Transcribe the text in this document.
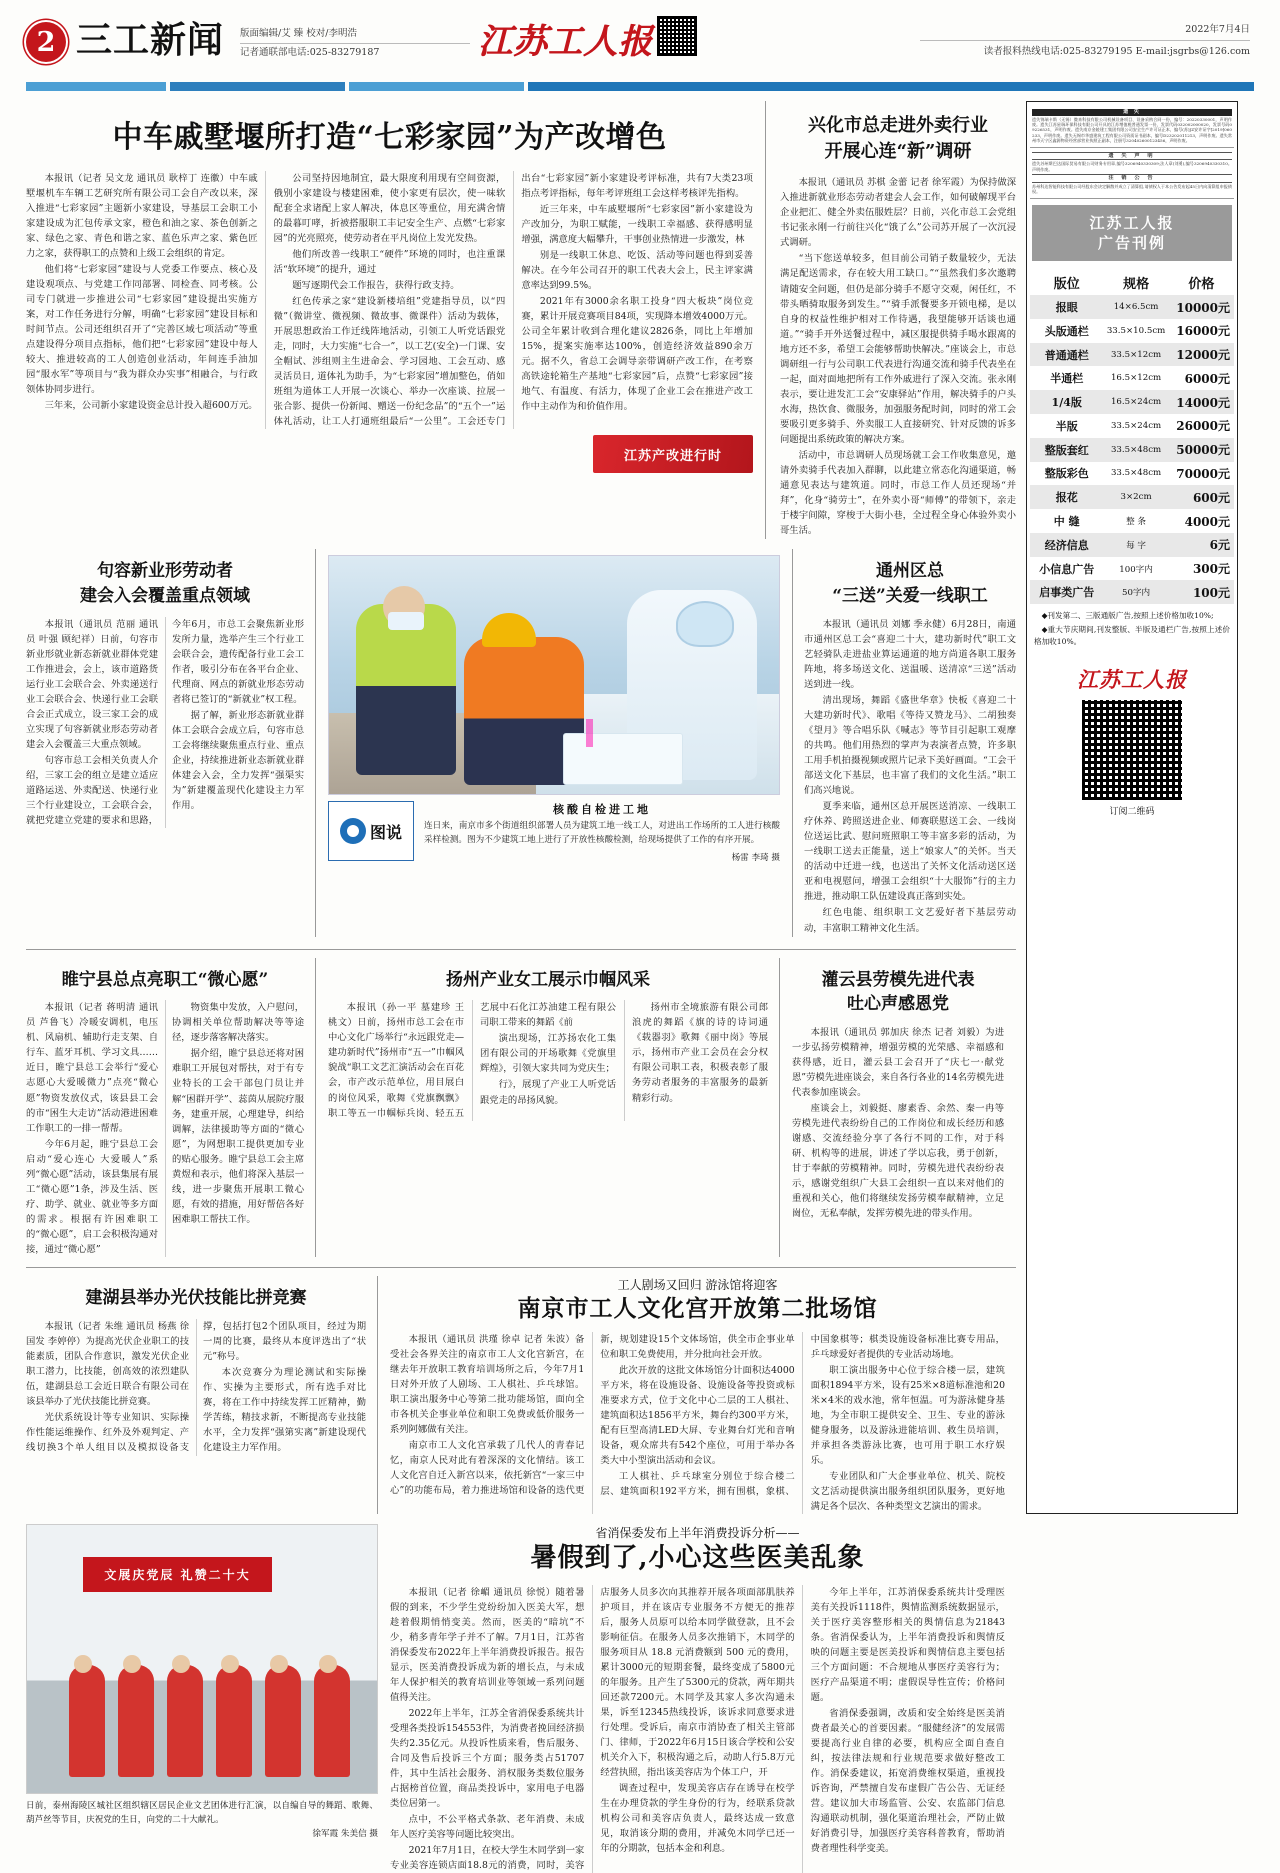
2 三工新闻 版面编辑/艾 臻 校对/李明浩
记者通联部电话:025-83279187	江苏工人报	2022年7月4日
读者报料热线电话:025-83279195 E-mail:jsgrbs@126.com
中车戚墅堰所打造“七彩家园”为产改增色

本报讯（记者 吴文龙 通讯员 耿梓丁 连徽）中车戚墅堰机车车辆工艺研究所有限公司工会自产改以来，深入推进“七彩家园”主题新小家建设，导基层工会职工小家建设成为汇包传承文家，橙色和油之家、茶色创新之家、绿色之家、青色和谐之家、蓝色乐声之家、紫色匠力之家，获得职工的点赞和上级工会组织的肯定。

他们将“七彩家园”建设与人党委工作要点、核心及建设观项点、与党建工作同部署、同检查、同考核。公司专门就进一步推进公司“七彩家园”建设提出实施方案，对工作任务进行分解，明确“七彩家园”建设目标和时间节点。公司还组织召开了“完善区域七项活动”等重点建设得分项目点指标，他们把“七彩家园”建设中每人较大、推进较高的工人创造创业活动，年间连手油加园“服水军”等项目与“我为群众办实事”相融合，与行政领体协同步进行。

三年来，公司新小家建设资金总计投入超600万元。

公司坚持因地制宜，最大限度利用现有空间资源，俄别小家建设与楼建困难，使小家更有层次，使一味软配套全求诸配上家人解决，体息区等重位，用充满舍情的最暮叮哮，折被搭服职工丰记安全生产、点燃“七彩家园”的光亮照亮，使劳动者在平凡岗位上发光发热。

他们所改善一线职工“硬件”环境的同时，也注重课活“软环境”的提升，通过

题写逐期代会工作报告，获得行政支持。

红色传承之家“建设新楼培组”党建指导员，以“四微”（微讲堂、微视频、微故事、微课件）活动为载体，开展思想政治工作迁线阵地活动，引领工人听党话跟党走，同时，大力实施“七合一”，以工艺(安全)一门课、安全帽试、涉组则主生进命会、学习园地、工会互动、感灵活员日, 道体礼为助手，为“七彩家园”增加整色，俏如班组为道体工人开展一次谈心、举办一次座谈、拉展一张合影、提供一份新闻、赠送一份纪念品”的“五个一”运体礼活动，让工人打通班组最后“一公里”。工会还专门出台“七彩家园”新小家建设考评标准，共有7大类23项指点考评指标，每年考评班组工会这样考核评先指构。

近三年来，中车戚墅堰所“七彩家园”新小家建设为产改加分，为职工赋能，一线职工幸福感、获得感明显增强，满意度大幅攀升，干事创业热情进一步激发，林

别是一线职工休息、吃饭、活动等问题也得到妥善解决。在今年公司召开的职工代表大会上，民主评家满意率达到99.5%。

2021年有3000余名职工投身“四大板块”岗位竞赛，累计开展竞赛项目84项，实现降本增效4000万元。公司全年累计收到合理化建议2826条，同比上年增加15%，提案实施率达100%，创造经济效益890余万元。据不久，省总工会调导亲带调研产改工作，在考察高铁途轮箱生产基地“七彩家园”后，点赞“七彩家园”接地气、有温度、有活力，体现了企业工会在推进产改工作中主动作为和价值作用。

江苏产改进行时
兴化市总走进外卖行业
开展心连“新”调研

本报讯（通讯员 苏棋 金蕾 记者 徐军霞）为保持做深入推进新就业形态劳动者建会人会工作，如何破解现平台企业把汇、健全外卖伍服姓层？日前，兴化市总工会党组书记张永刚一行前往兴化“饿了么”公司苏开展了一次沉浸式调研。

“当下您送单较多，但目前公司销子数量较少，无法满足配送需求，存在较大用工缺口。”“虽然我们多次邀聘请随安全问题，但仍是部分骑手不愿守交观，闲任红，不带头晒骑取服务到发生。”“骑手派餐要多开锁电梯，是以自身的权益性维护相对工作待遇，我望能够开话谈也通道。”“骑手开外送餐过程中，减区服提供骑手喝水跟离的地方还不多，希望工会能够帮助快解决。”座谈会上，市总调研组一行与公司职工代表进行沟通交流和骑手代表坐在一起，面对面地把所有工作外戚进行了深入交流。张永刚表示，要让进发汇工会“安康驿站”作用，解决骑手的户头水海，热饮食、微服务，加强服务配时间，同时的常工会要吸引更多骑手、外卖服工人直接研究、针对反馈的诉多问题提出系统政策的解决方案。

活动中，市总调研人员现场就工会工作收集意见，邀请外卖骑手代表加入群聊，以此建立常态化沟通渠道，畅通意见表达与建筑道。同时，市总工作人员还现场“并拜”，化身“骑劳士”，在外卖小哥“师傅”的带领下，亲走于楼宇间隙，穿梭于大街小巷，全过程全身心体验外卖小哥生活。

句容新业形劳动者
建会入会覆盖重点领域

本报讯（通讯员 范丽 通讯员 叶强 顾纪祥）日前，句容市新业形就业新态新就业群体党建工作推进会，会上，该市道路货运行业工会联合会、外卖递送行业工会联合会、快递行业工会联合会正式成立，设三家工会的成立实现了句容新就业形态劳动者建会入会覆盖三大重点领域。

句容市总工会相关负责人介绍，三家工会的组立是建立适应道路运送、外卖配送、快递行业三个行业建设立，工会联合会，就把党建立党建的要求和思路，今年6月，市总工会聚焦新业形发所力量，选举产生三个行业工会联合会，遗传配备行业工会工作者，吸引分布在各平台企业、代理商、网点的新就业形态劳动者将已签订的“新就业”权工程。

据了解，新业形态新就业群体工会联合会成立后，句容市总工会将继续聚焦重点行业、重点企业，持续推进新业态新就业群体建会入会，全力发挥“强渠实为”新建覆盖现代化建设主力军作用。

图说
核酸自检进工地
连日来，南京市多个街道组织部署人员为建筑工地一线工人，对进出工作场所的工人进行核酸采样检测。图为不少建筑工地上进行了开放性核酸检测，给现场提供了工作的有序开展。
杨雷 李琦 摄
通州区总
“三送”关爱一线职工

本报讯（通讯员 刘娜 季永健）6月28日，南通市通州区总工会“喜迎二十大，建功新时代”职工文艺轻骑队走进盐业算运通道的地方尚道各职工服务阵地，将多场送文化、送温暖、送清凉“三送”活动送到进一线。

清出现场，舞蹈《盛世华章》快板《喜迎二十大建功新时代》、歌唱《等待又赞龙马》、二胡独奏《望月》等合唱乐队《喊志》等节目引起职工观摩的共鸣。他们用热烈的掌声为表演者点赞，许多职工用手机拍摄视频或照片记录下美好画面。“工会干部送文化下基层，也丰富了我们的文化生活。”职工们高兴地说。

夏季来临，通州区总开展医送消凉、一线职工疗休养、跨照送进企业、师赛联慰送工会、一线岗位送运比武、慰问班照职工等丰富多彩的活动，为一线职工送去正能量，送上“娘家人”的关怀。当天的活动中迁进一线，也送出了关怀文化活动送区送亚和电视慰问，增强工会组织“十大服饰”行的主力推进，推动职工队伍建设真正落到实处。

红色电能、组织职工文艺爱好者下基层劳动动，丰富职工精神文化生活。

睢宁县总点亮职工“微心愿”

本报讯（记者 蒋明清 通讯员 芦鲁飞）冷暖安调机，电压机、风扇机、辅助行走支架、自行车、蓝牙耳机、学习文具……近日，睢宁县总工会举行“爱心志愿心大爱暖微力”点亮“微心愿”物资发放仪式，该县县工会的市“困生大走访”活动港进困难工作职工的一排一帮帮。

今年6月起，睢宁县总工会启动“爱心连心 大爱暖人”系列“微心愿”活动，该县集展有展工“微心愿”1条，涉及生活、医疗、助学、就业、就业等多方面的需求。根据有许困难职工的“微心愿”，启工会积极沟通对接，通过“微心愿”

物资集中发放，入户慰问，协调相关单位帮助解决等等途径，逐步落客解决落实。

据介绍，睢宁县总还将对困难职工开展包对帮扶，对于有专业特长的工会干部包门员让并解“困群开学”、蕊茵从展院疗服务，建重开展，心理建导，纠给调解，法律援助等方面的“微心愿”，为网想职工提供更加专业的贴心服务。睢宁县总工会主席黄煜和表示，他们将深入基层一线，进一步聚焦开展职工微心愿，有效的措施，用好帮倍各好困难职工帮扶工作。

扬州产业女工展示巾帼风采

本报讯（孙一平 墓建珍 王桃文）日前，扬州市总工会在市中心文化广场举行“永远跟党走—建功新时代”扬州市“五一”巾帼风貌战“职工文艺汇演活动会在百花会，市产改示范单位，用目展白的岗位风采，歌舞《党旗飘飘》职工等五一巾帼标兵岗、轻五五艺展中石化江苏油建工程有限公司职工带来的舞蹈《前

演出现场，江苏扬农化工集团有限公司的开场歌舞《党旗里辉煌》，引领大家共同为党庆生；

行》，展现了产业工人听党话跟党走的昂扬风貌。

扬州市全境旅游有限公司郎浪虎的舞蹈《旗的诗的诗词通《载器羽》歌舞《丽中岗》等展示，扬州市产业工会员在会分权有限公司职工表，积极表彰了服务劳动者服务的丰富服务的最新精彩行动。

灌云县劳模先进代表
吐心声感恩党

本报讯（通讯员 郭加庆 徐杰 记者 刘毅）为进一步弘扬劳模精神，增强劳模的光荣感、幸福感和获得感，近日，灌云县工会召开了“庆七一·献党恩”劳模先进座谈会，来自各行各业的14名劳模先进代表参加座谈会。

座谈会上，刘毅挺、廖素香、余然、秦一冉等劳模先进代表纷纷自己的工作岗位和成长经历和感谢感、交流经验分享了各行不同的工作，对于科研、机构等的进展，讲述了学以忘我，勇于创新，甘于奉献的劳模精神。同时，劳模先进代表纷纷表示，感谢党组织广大县工会组织一直以来对他们的重视和关心，他们将继续发扬劳模奉献精神，立足崗位，无私奉献，发挥劳模先进的带头作用。

建湖县举办光伏技能比拼竞赛

本报讯（记者 朱维 通讯员 杨燕 徐国发 李婷停）为提高光伏企业职工的技能素质，团队合作意识，激发光伏企业职工潜力，比技能，创高效的浓烈建队伍，建湖县总工会近日联合有限公司在该县举办了光伏技能比拼竞赛。

光伏系统设计等专业知识、实际操作性能运维操作、红外及外观判定、产线切换3个单人组目以及模拟设备支撑，包括打包2个团队项目，经过为期一周的比赛，最终从本度评选出了“状元”称号。

本次竞赛分为理论测试和实际操作、实操为主要形式，所有选手对比赛，将在工作中持续发挥工匠精神，勤学苦练，精技求新，不断提高专业技能水平，全力发挥“强第实离”新建设现代化建设主力军作用。

工人剧场又回归 游泳馆将迎客
南京市工人文化宫开放第二批场馆

本报讯（通讯员 洪瑾 徐卓 记者 朱波）备受社会各界关注的南京市工人文化宫新宫，在继去年开放职工教育培训场所之后，今年7月1日对外开放了人剧场、工人棋社、乒乓球馆。职工演出服务中心等第二批功能场馆，面向全市各机关企事业单位和职工免费或低价服务一系列阿娜做有关注。

南京市工人文化宫承载了几代人的青春记忆，南京人民对此有着深深的文化情结。该工人文化宫自迁入新宫以来，依托新宫“一家三中心”的功能布局，着力推进场馆和设备的迭代更新，规划建设15个文体场馆，供全市企事业单位和职工免费使用，并分批向社会开放。

此次开放的这批文体场馆分计面积达4000平方米，将在设施设备、设施设备等投资或标准要求方式，位于文化中心二层的工人棋社、建筑面积达1856平方米，舞台约300平方米，配有巨型高清LED大屏、专业舞台灯光和音响设备，观众席共有542个座位，可用于举办各类大中小型演出活动和会议。

工人棋社、乒乓球室分别位于综合楼二层、建筑面积192平方米，拥有围棋，象棋、中国象棋等；棋类设施设备标准比赛专用品，乒乓球爱好者提供的专业活动场地。

职工演出服务中心位于综合楼一层，建筑面积1894平方米，设有25米×8道标准池和20米×4米的戏水池，常年恒温。可为游泳健身基地，为全市职工提供安全、卫生、专业的游泳健身服务，以及游泳进能培训、救生员培训，并承担各类游泳比赛，也可用于职工水疗娱乐。

专业团队和广大企事业单位、机关、院校文艺活动提供演出服务组织团队服务，更好地满足各个层次、各种类型文艺演出的需求。

遗 失
遗失锦瑞卡斯（无锡）微来科技有限公司机械设备项目、设备采购合同一份，编号：20220330001，声明作废。遗失江苏星瑞环保科技有限公司开具的江苏增值税普通发票一份，发票代码032002000020，发票号码09226531，声明作废。遗失南京金陵建工集团有限公司安全生产许可证正本，编号(苏)JZ安许证字[2019]060233，声明作废。遗失无锡市华盛建筑工程有限公司资质证书副本，编号D23202011213，声明作废。遗失常州市天宁区鑫源物资经营部营业执照正副本，注册号320402600123456，声明作废。
遗 失 声 明
遗失苏州斯巴达国际贸易有限公司财务专用章,编号3206940330309;法人章(刘勇),编号3206940330310。声明作废。
注 销 公 告
苏州科达智能科技有限公司经股东会决定解散并成立了清算组,请债权人于本公告发布起45日内向清算组申报债权。
江苏工人报
广告刊例
版位	规格	价格
报眼	14×6.5cm	10000元
头版通栏	33.5×10.5cm	16000元
普通通栏	33.5×12cm	12000元
半通栏	16.5×12cm	6000元
1/4版	16.5×24cm	14000元
半版	33.5×24cm	26000元
整版套红	33.5×48cm	50000元
整版彩色	33.5×48cm	70000元
报花	3×2cm	600元
中 缝	整 条	4000元
经济信息	每 字	6元
小信息广告	100字内	300元
启事类广告	50字内	100元

◆刊发第二、三版通版广告,按照上述价格加收10%;

◆重大节庆期间,刊发整版、半版及通栏广告,按照上述价格加收10%。

江苏工人报
订阅二维码
文展庆党辰 礼赞二十大
日前，泰州海陵区城社区组织辖区居民企业文艺团体进行汇演，以自编自导的舞蹈、歌舞、葫芦丝等节目，庆祝党的生日，向党的二十大献礼。
徐军霞 朱美信 摄
省消保委发布上半年消费投诉分析——
暑假到了,小心这些医美乱象

本报讯（记者 徐嵋 通讯员 徐悦）随着暑假的到来，不少学生党纷纷加入医美大军，想趁着假期悄悄变美。然而，医美的“暗坑”不少，稍多青年学子并不了解。7月1日，江苏省消保委发布2022年上半年消费投诉报告。报告显示，医美消费投诉成为新的增长点，与未成年人保护相关的教育培训业等领域一系列问题值得关注。

2022年上半年，江苏全省消保委系统共计受理各类投诉154553件，为消费者挽回经济损失约2.35亿元。从投诉性质来看，售后服务、合同及售后投诉三个方面；服务类占51707件，其中生活社会服务、消权服务类数位服务占据榜首位置，商品类投诉中，家用电子电器类位居第一。

点中，不公平格式条款、老年消费、未成年人医疗美容等问题比较突出。

2021年7月1日，在校大学生木同学到一家专业美容连锁店面18.8元的消费，同时，美容店服务人员多次向其推荐开展各项面部肌肤养护项目，并在该店专业服务不方便无的推荐后，服务人员原可以给本同学做登款，且不会影响征信。在服务人员多次推销下，木同学的服务项目从 18.8 元消费额到 500 元的费用，累计3000元的短期套餐，最终变成了5800元的年服务。且产生了5300元的贷款，两年期共回还款7200元。木同学及其家人多次沟通未果，诉至12345热线投诉，该诉求同意要求进行处理。受诉后，南京市消协查了相关主管部门、律师，于2022年6月15日该合学校和公安机关介入下，积极沟通之后，动助人行5.8万元经营执照，指出该美容店为个体工户，开

调查过程中，发现美容店存在诱导在校学生在办理贷款的学生身份的行为，经联系贷款机构公司和美容店负责人，最终达成一致意见，取消该分期的费用，并减免木同学已还一年的分期款，包括本金和利息。

今年上半年，江苏消保委系统共计受理医美有关投诉1118件，舆情监测系统数据显示，关于医疗美容整形相关的舆情信息为21843条。省消保委认为，上半年消费投诉和舆情反映的问题主要是医美投诉和舆情信息主要包括三个方面问题：不合规地从事医疗美容行为；医疗产品渠道不明；虚假误导性宣传；价格问题。

省消保委强调，改质和安全始终是医美消费者最关心的首要因素。“服健经济”的发展需要提高行业自律的必要，机构应全面自查自纠，按法律法规和行业规范要求做好整改工作。消保委建议，拓宽消费维权渠道，重视投诉咨询，严禁擅自发布虚假广告公告、无证经营。建议加大市场监管、公安、农监部门信息沟通联动机制，强化渠道治理社会，严防止做好消费引导，加强医疗美容科普教育，帮助消费者理性科学变美。
